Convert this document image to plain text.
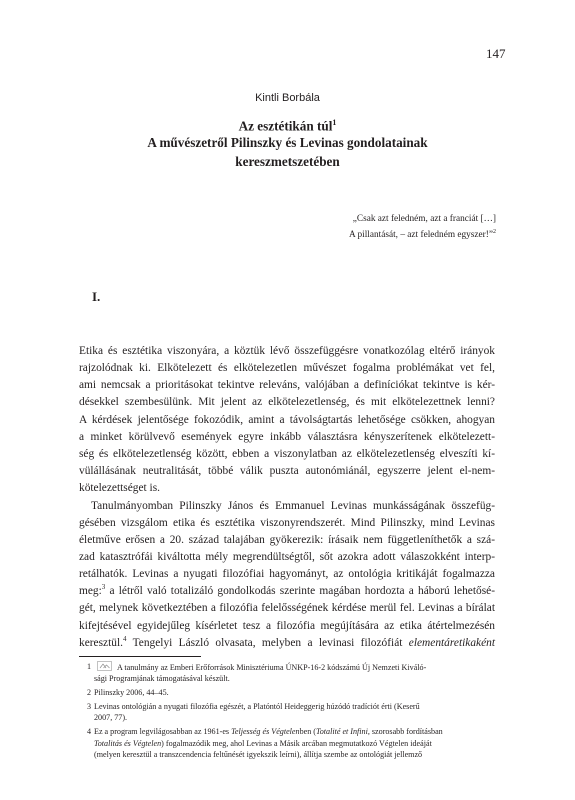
147
Kintli Borbála
Az esztétikán túl$^1$
A művészetről Pilinszky és Levinas gondolatainak
kereszmetszetében
„Csak azt feledném, azt a franciát […]
A pillantását, – azt feledném egyszer!”$^2$
I.
Etika és esztétika viszonyára, a köztük lévő összefüggésre vonatkozólag eltérő irányok
rajzolódnak ki. Elkötelezett és elkötelezetlen művészet fogalma problémákat vet fel,
ami nemcsak a prioritásokat tekintve releváns, valójában a definíciókat tekintve is kér-
désekkel szembesülünk. Mit jelent az elkötelezetlenség, és mit elkötelezettnek lenni?
A kérdések jelentősége fokozódik, amint a távolságtartás lehetősége csökken, ahogyan
a minket körülvevő események egyre inkább választásra kényszerítenek elkötelezett-
ség és elkötelezetlenség között, ebben a viszonylatban az elkötelezetlenség elveszíti kí-
vülállásának neutralitását, többé válik puszta autonómiánál, egyszerre jelent el-nem-
kötelezettséget is.
Tanulmányomban Pilinszky János és Emmanuel Levinas munkásságának összefüg-
gésében vizsgálom etika és esztétika viszonyrendszerét. Mind Pilinszky, mind Levinas
életműve erősen a 20. század talajában gyökerezik: írásaik nem függetleníthetők a szá-
zad katasztrófái kiváltotta mély megrendültségtől, sőt azokra adott válaszokként interp-
retálhatók. Levinas a nyugati filozófiai hagyományt, az ontológia kritikáját fogalmazza
meg:$^3$ a létről való totalizáló gondolkodás szerinte magában hordozta a háború lehetősé-
gét, melynek következtében a filozófia felelősségének kérdése merül fel. Levinas a bírálat
kifejtésével egyidejűleg kísérletet tesz a filozófia megújítására az etika átértelmezésén
keresztül.$^4$ Tengelyi László olvasata, melyben a levinasi filozófiát elementáretikaként
1	A tanulmány az Emberi Erőforrások Minisztériuma ÚNKP-16-2 kódszámú Új Nemzeti Kiváló-
sági Programjának támogatásával készült.
2 Pilinszky 2006, 44–45.
3 Levinas ontológián a nyugati filozófia egészét, a Platóntól Heideggerig húzódó tradíciót érti (Keserű
2007, 77).
4 Ez a program legvilágosabban az 1961-es Teljesség és Végtelenben (Totalité et Infini, szorosabb fordításban
Totalitás és Végtelen) fogalmazódik meg, ahol Levinas a Másik arcában megmutatkozó Végtelen ideáját
(melyen keresztül a transzcendencia feltűnését igyekszik leírni), állítja szembe az ontológiát jellemző
